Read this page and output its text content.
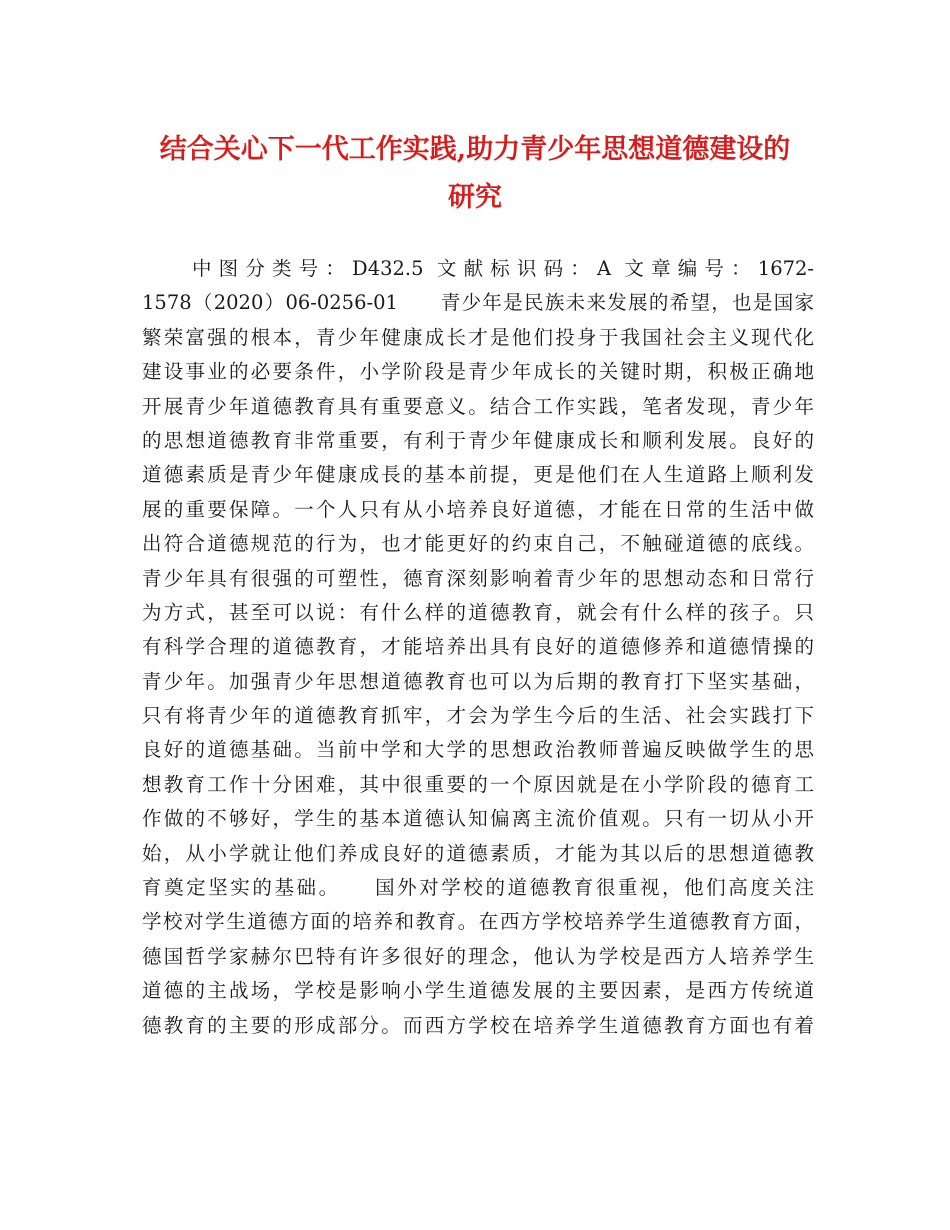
结合关心下一代工作实践,助力青少年思想道德建设的
研究
中图分类号：D432.5 文献标识码：A 文章编号：1672-
1578（2020）06-0256-01　　青少年是民族未来发展的希望，也是国家
繁荣富强的根本，青少年健康成长才是他们投身于我国社会主义现代化
建设事业的必要条件，小学阶段是青少年成长的关键时期，积极正确地
开展青少年道德教育具有重要意义。结合工作实践，笔者发现，青少年
的思想道德教育非常重要，有利于青少年健康成长和顺利发展。良好的
道德素质是青少年健康成長的基本前提，更是他们在人生道路上顺利发
展的重要保障。一个人只有从小培养良好道德，才能在日常的生活中做
出符合道德规范的行为，也才能更好的约束自己，不触碰道德的底线。
青少年具有很强的可塑性，德育深刻影响着青少年的思想动态和日常行
为方式，甚至可以说：有什么样的道德教育，就会有什么样的孩子。只
有科学合理的道德教育，才能培养出具有良好的道德修养和道德情操的
青少年。加强青少年思想道德教育也可以为后期的教育打下坚实基础，
只有将青少年的道德教育抓牢，才会为学生今后的生活、社会实践打下
良好的道德基础。当前中学和大学的思想政治教师普遍反映做学生的思
想教育工作十分困难，其中很重要的一个原因就是在小学阶段的德育工
作做的不够好，学生的基本道德认知偏离主流价值观。只有一切从小开
始，从小学就让他们养成良好的道德素质，才能为其以后的思想道德教
育奠定坚实的基础。　　国外对学校的道德教育很重视，他们高度关注
学校对学生道德方面的培养和教育。在西方学校培养学生道德教育方面，
德国哲学家赫尔巴特有许多很好的理念，他认为学校是西方人培养学生
道德的主战场，学校是影响小学生道德发展的主要因素，是西方传统道
德教育的主要的形成部分。而西方学校在培养学生道德教育方面也有着
